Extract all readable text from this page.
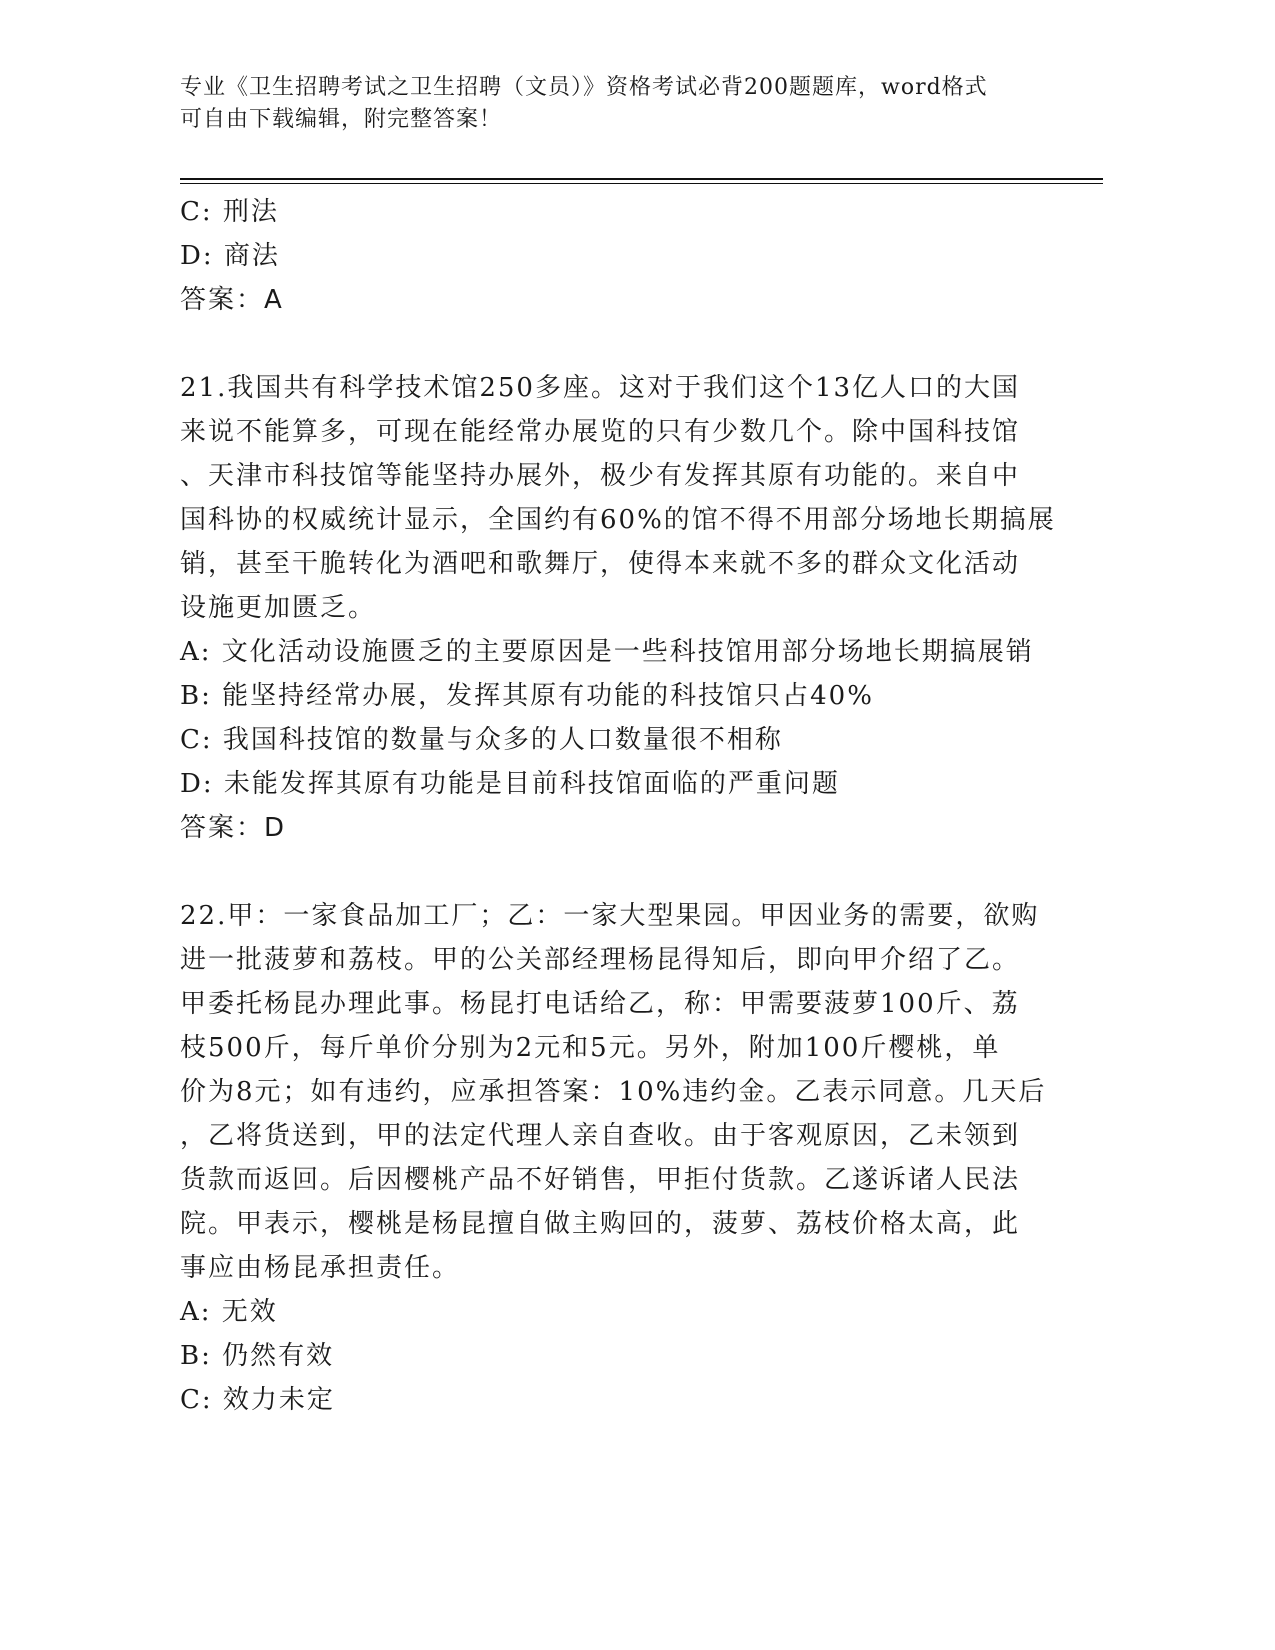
专业《卫生招聘考试之卫生招聘（文员）》资格考试必背200题题库，word格式
可自由下载编辑，附完整答案！
C: 刑法
D: 商法
答案：A
21.我国共有科学技术馆250多座。这对于我们这个13亿人口的大国
来说不能算多，可现在能经常办展览的只有少数几个。除中国科技馆
、天津市科技馆等能坚持办展外，极少有发挥其原有功能的。来自中
国科协的权威统计显示，全国约有60%的馆不得不用部分场地长期搞展
销，甚至干脆转化为酒吧和歌舞厅，使得本来就不多的群众文化活动
设施更加匮乏。
A: 文化活动设施匮乏的主要原因是一些科技馆用部分场地长期搞展销
B: 能坚持经常办展，发挥其原有功能的科技馆只占40%
C: 我国科技馆的数量与众多的人口数量很不相称
D: 未能发挥其原有功能是目前科技馆面临的严重问题
答案：D
22.甲：一家食品加工厂；乙：一家大型果园。甲因业务的需要，欲购
进一批菠萝和荔枝。甲的公关部经理杨昆得知后，即向甲介绍了乙。
甲委托杨昆办理此事。杨昆打电话给乙，称：甲需要菠萝100斤、荔
枝500斤，每斤单价分别为2元和5元。另外，附加100斤樱桃，单
价为8元；如有违约，应承担答案：10%违约金。乙表示同意。几天后
，乙将货送到，甲的法定代理人亲自查收。由于客观原因，乙未领到
货款而返回。后因樱桃产品不好销售，甲拒付货款。乙遂诉诸人民法
院。甲表示，樱桃是杨昆擅自做主购回的，菠萝、荔枝价格太高，此
事应由杨昆承担责任。
A: 无效
B: 仍然有效
C: 效力未定
